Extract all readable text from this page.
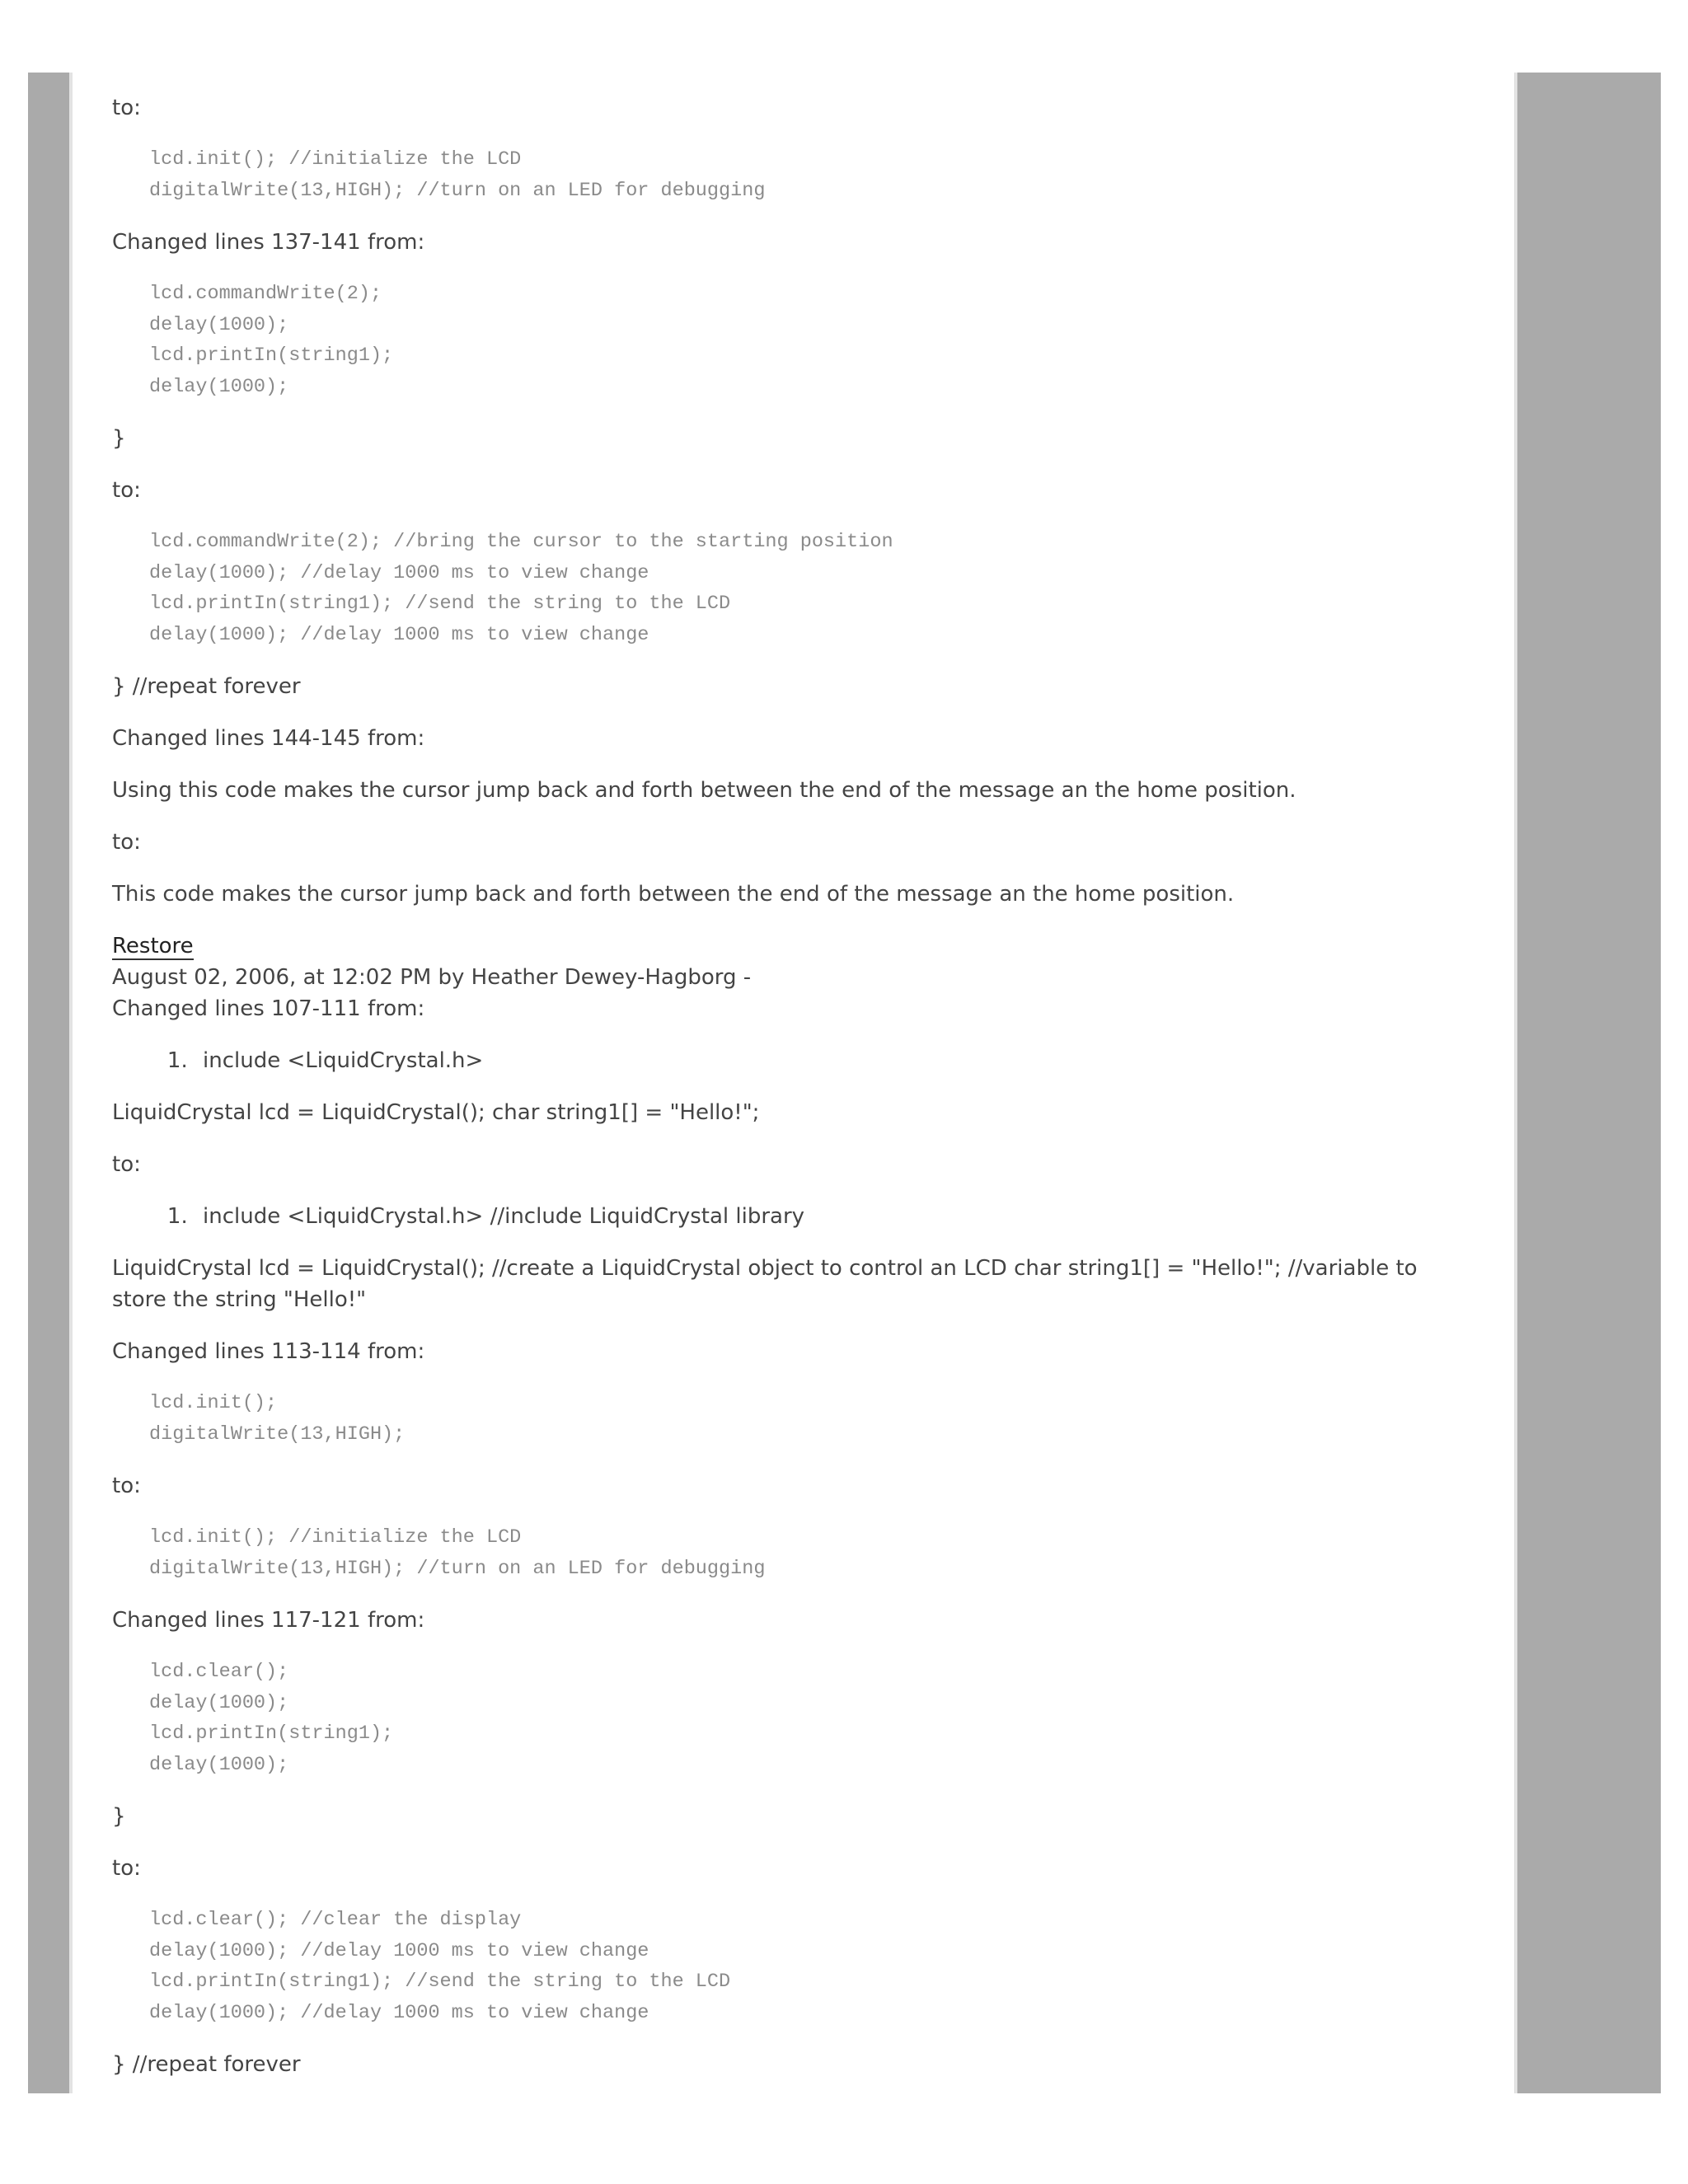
to:

lcd.init(); //initialize the LCD
digitalWrite(13,HIGH); //turn on an LED for debugging

Changed lines 137-141 from:

lcd.commandWrite(2);
delay(1000);
lcd.printIn(string1);
delay(1000);

}

to:

lcd.commandWrite(2); //bring the cursor to the starting position
delay(1000); //delay 1000 ms to view change
lcd.printIn(string1); //send the string to the LCD
delay(1000); //delay 1000 ms to view change

} //repeat forever

Changed lines 144-145 from:

Using this code makes the cursor jump back and forth between the end of the message an the home position.

to:

This code makes the cursor jump back and forth between the end of the message an the home position.

Restore

August 02, 2006, at 12:02 PM by Heather Dewey-Hagborg -

Changed lines 107-111 from:

1. include <LiquidCrystal.h>

LiquidCrystal lcd = LiquidCrystal(); char string1[] = "Hello!";

to:

1. include <LiquidCrystal.h> //include LiquidCrystal library

LiquidCrystal lcd = LiquidCrystal(); //create a LiquidCrystal object to control an LCD char string1[] = "Hello!"; //variable to store the string "Hello!"

Changed lines 113-114 from:

lcd.init();
digitalWrite(13,HIGH);

to:

lcd.init(); //initialize the LCD
digitalWrite(13,HIGH); //turn on an LED for debugging

Changed lines 117-121 from:

lcd.clear();
delay(1000);
lcd.printIn(string1);
delay(1000);

}

to:

lcd.clear(); //clear the display
delay(1000); //delay 1000 ms to view change
lcd.printIn(string1); //send the string to the LCD
delay(1000); //delay 1000 ms to view change

} //repeat forever
